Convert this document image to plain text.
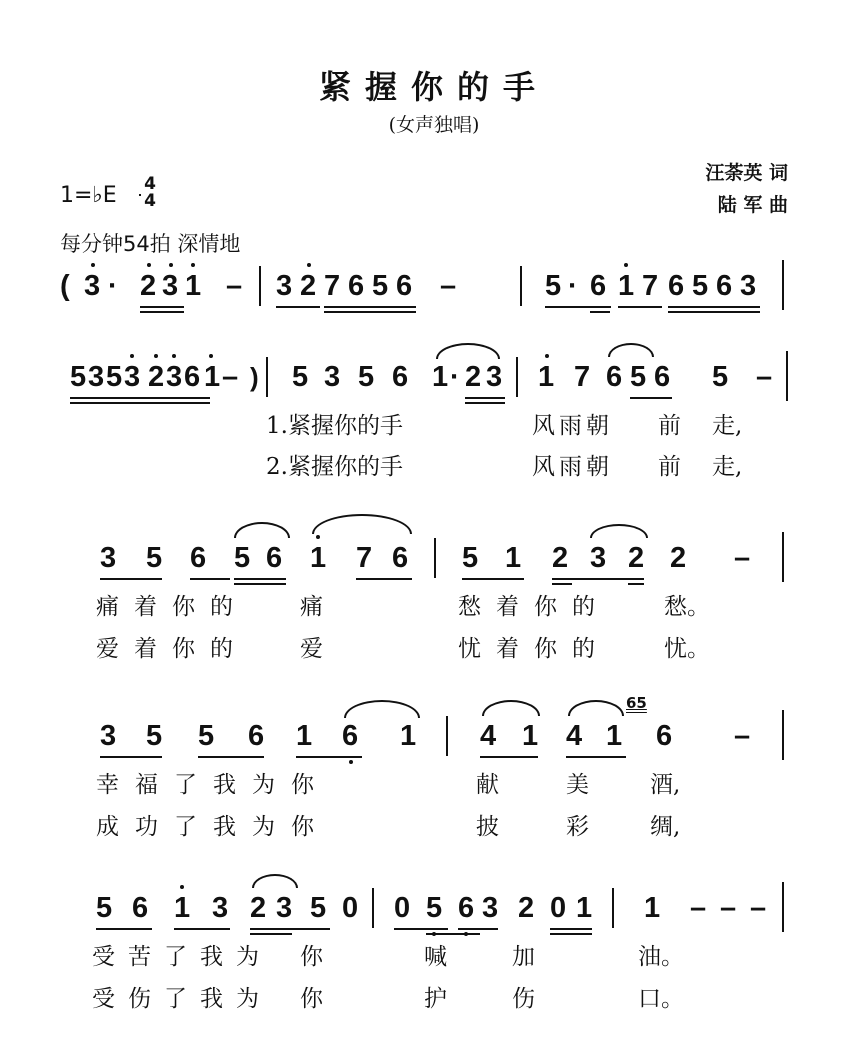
紧握你的手
(女声独唱)
汪荼英 词
陆 军 曲
1=♭E 4
4
每分钟54拍 深情地
( 3 · 2 3 1 – 3 2 7 6 5 6 –	5 · 6 1 7 6 5 6 3
5 3 5 3 2 3 6 1 – ) 5 3 5 6 1 · 2 3 1 7 6 5 6 5 –
1.紧握你的手	风雨朝 前 走,
2.紧握你的手	风雨朝 前 走,
3 5 6 5 6 1 7 6 5 1 2 3 2 2 –
痛着你的 痛	愁着你的 愁。
爱着你的 爱	忧着你的 忧。
3 5 5 6 1 6 1 4 1 4 1 6 –
65
幸福了我为你	献	美	酒,
成功了我为你	披	彩	绸,
5 6 1 3 2 3 5 0 0 5 6 3 2 0 1 1 – – –
受苦了我为 你	喊	加	油。
受伤了我为 你	护	伤	口。
